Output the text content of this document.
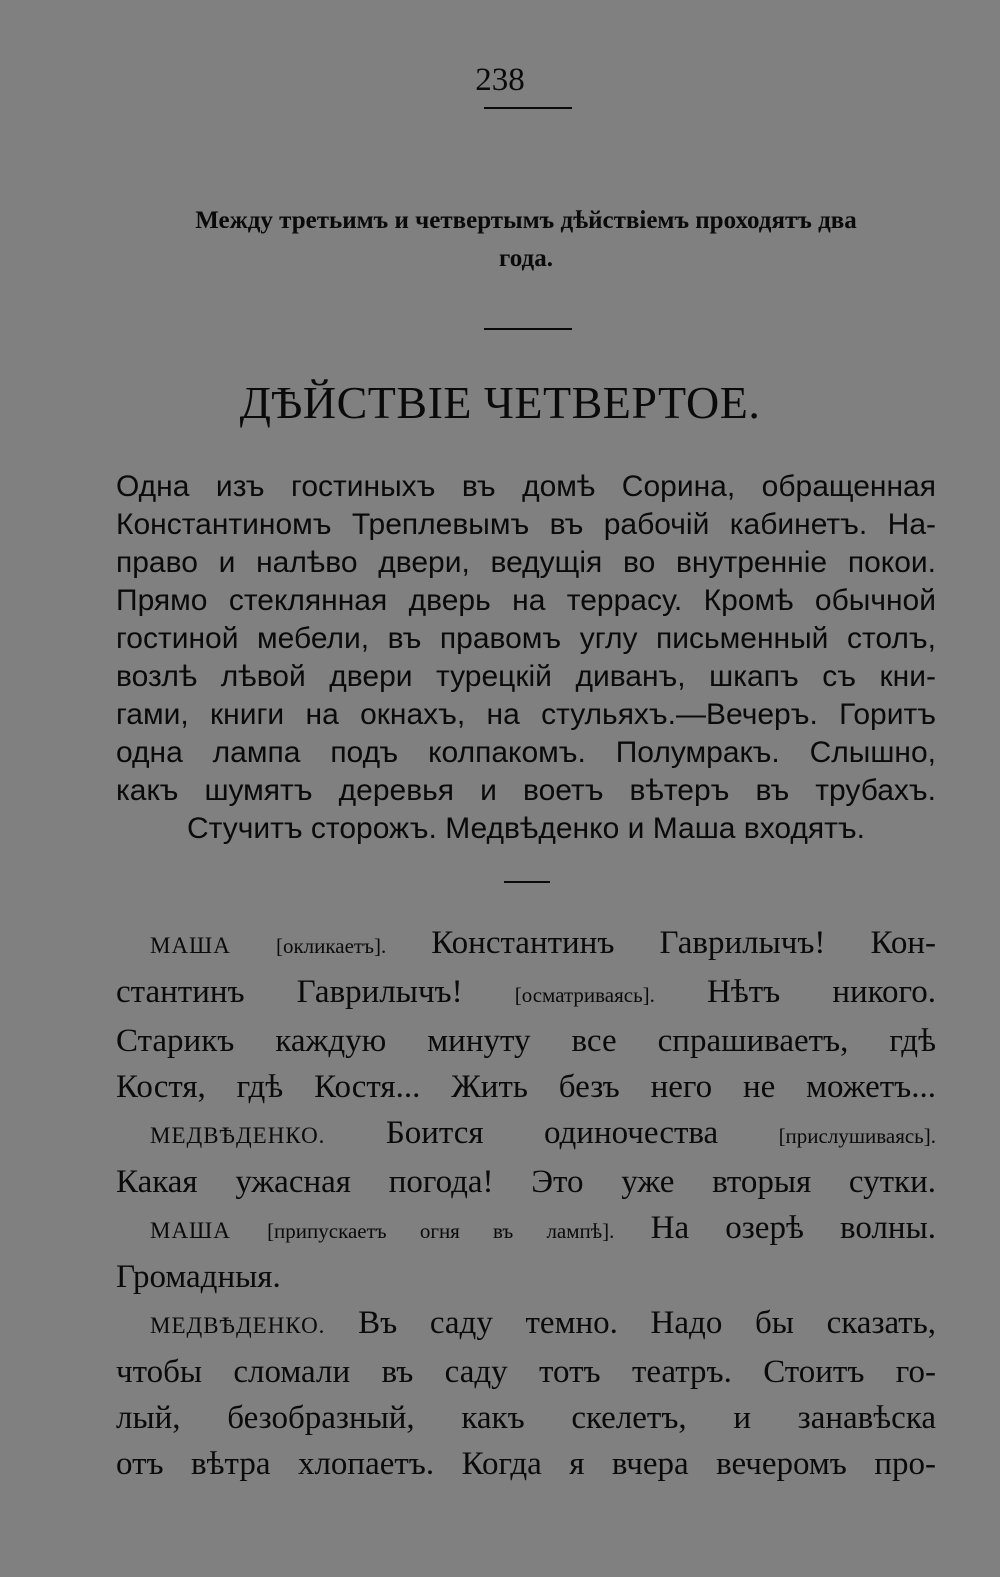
238
Между третьимъ и четвертымъ дѣйствіемъ проходятъ два
года.
ДѢЙСТВІЕ ЧЕТВЕРТОЕ.
Одна изъ гостиныхъ въ домѣ Сорина, обращенная
Константиномъ Треплевымъ въ рабочій кабинетъ. На-
право и налѣво двери, ведущія во внутренніе покои.
Прямо стеклянная дверь на террасу. Кромѣ обычной
гостиной мебели, въ правомъ углу письменный столъ,
возлѣ лѣвой двери турецкій диванъ, шкапъ съ кни-
гами, книги на окнахъ, на стульяхъ.—Вечеръ. Горитъ
одна лампа подъ колпакомъ. Полумракъ. Слышно,
какъ шумятъ деревья и воетъ вѣтеръ въ трубахъ.
Стучитъ сторожъ. Медвѣденко и Маша входятъ.
МАША [окликаетъ]. Константинъ Гаврилычъ! Кон-
стантинъ Гаврилычъ! [осматриваясь]. Нѣтъ никого.
Старикъ каждую минуту все спрашиваетъ, гдѣ
Костя, гдѣ Костя... Жить безъ него не можетъ...
МЕДВѢДЕНКО. Боится одиночества	[прислушиваясь].
Какая ужасная погода! Это уже вторыя сутки.
МАША [припускаетъ огня въ лампѣ]. На озерѣ волны.
Громадныя.
МЕДВѢДЕНКО. Въ саду темно. Надо бы сказать,
чтобы сломали въ саду тотъ театръ. Стоитъ го-
лый, безобразный, какъ скелетъ, и занавѣска
отъ вѣтра хлопаетъ. Когда я вчера вечеромъ про-
